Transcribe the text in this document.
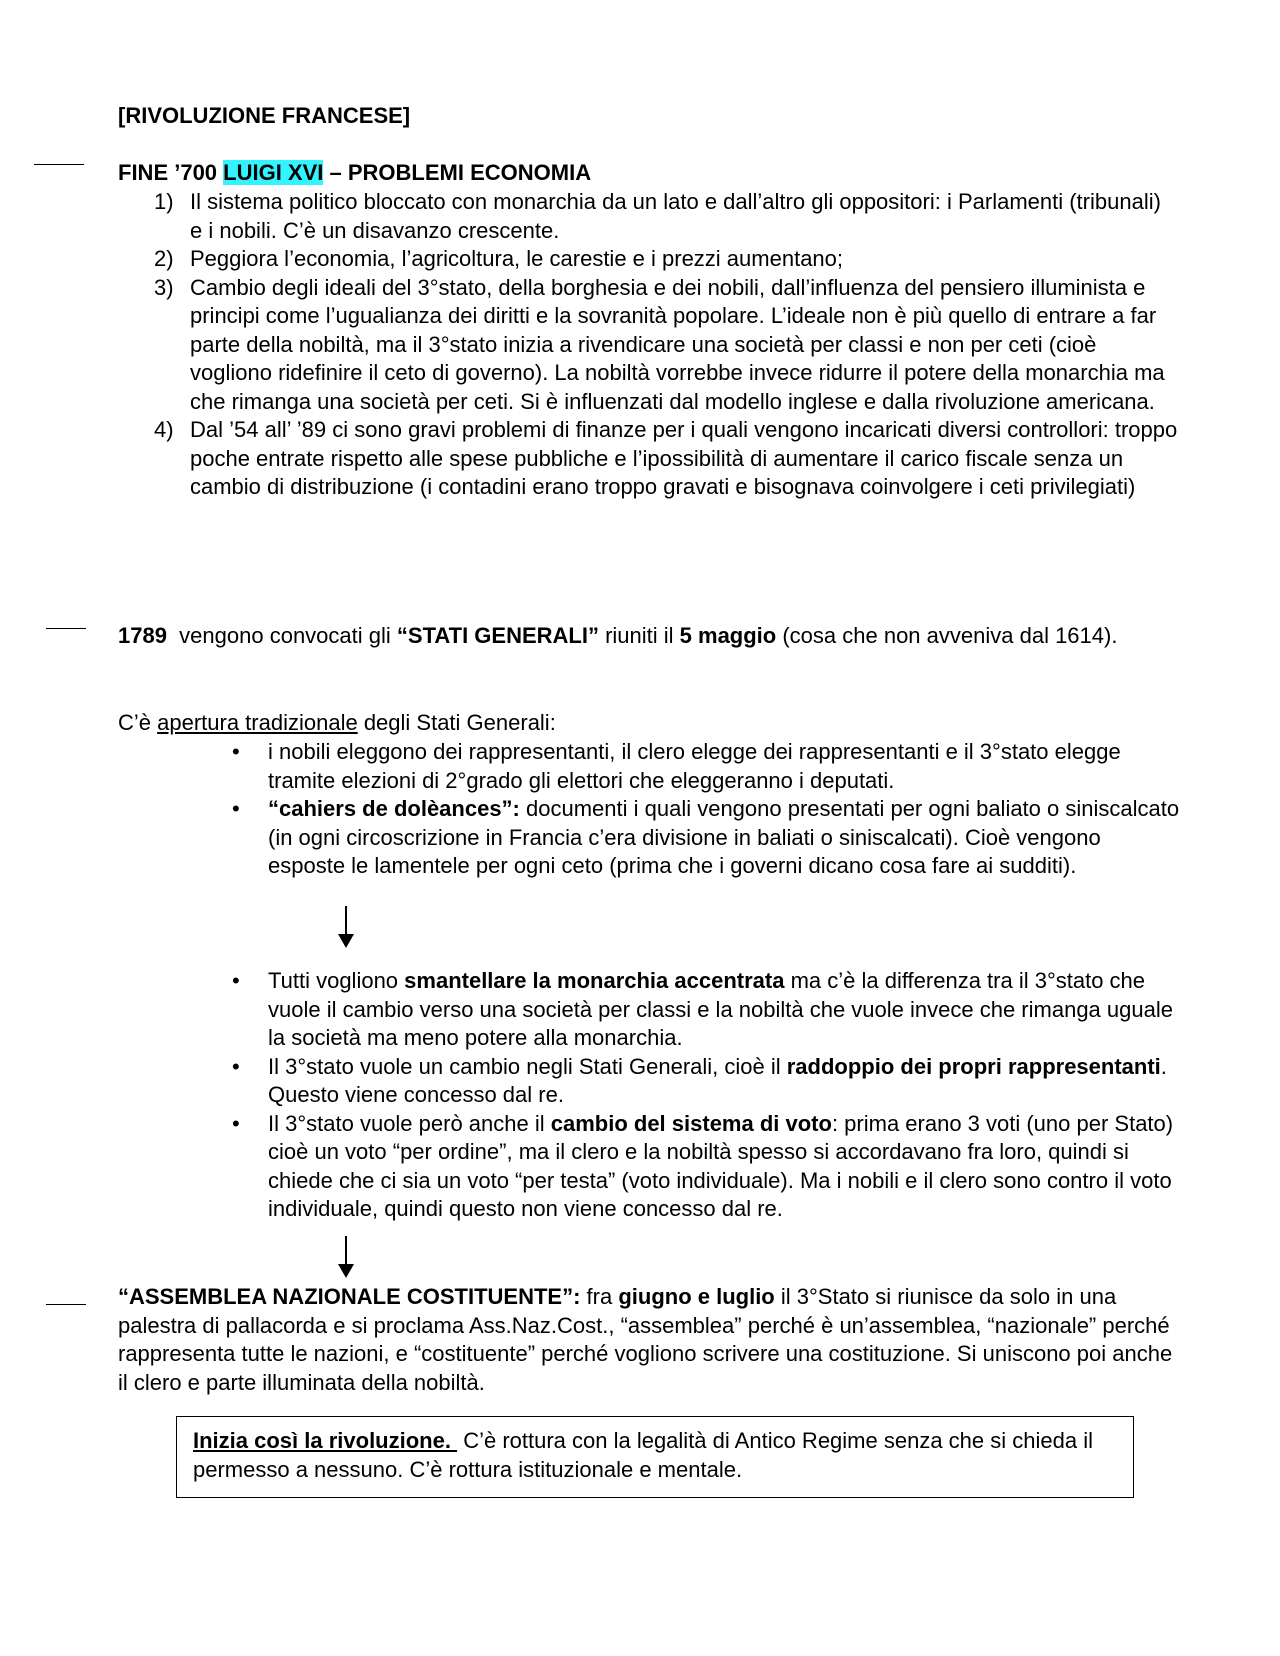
[RIVOLUZIONE FRANCESE]
FINE ’700 LUIGI XVI – PROBLEMI ECONOMIA
1) Il sistema politico bloccato con monarchia da un lato e dall’altro gli oppositori: i Parlamenti (tribunali) e i nobili. C’è un disavanzo crescente.
2) Peggiora l’economia, l’agricoltura, le carestie e i prezzi aumentano;
3) Cambio degli ideali del 3°stato, della borghesia e dei nobili, dall’influenza del pensiero illuminista e principi come l’ugualianza dei diritti e la sovranità popolare. L’ideale non è più quello di entrare a far parte della nobiltà, ma il 3°stato inizia a rivendicare una società per classi e non per ceti (cioè vogliono ridefinire il ceto di governo). La nobiltà vorrebbe invece ridurre il potere della monarchia ma che rimanga una società per ceti. Si è influenzati dal modello inglese e dalla rivoluzione americana.
4) Dal ’54 all’ ’89 ci sono gravi problemi di finanze per i quali vengono incaricati diversi controllori: troppo poche entrate rispetto alle spese pubbliche e l’ipossibilità di aumentare il carico fiscale senza un cambio di distribuzione (i contadini erano troppo gravati e bisognava coinvolgere i ceti privilegiati)
1789  vengono convocati gli “STATI GENERALI” riuniti il 5 maggio (cosa che non avveniva dal 1614).
C’è apertura tradizionale degli Stati Generali:
• i nobili eleggono dei rappresentanti, il clero elegge dei rappresentanti e il 3°stato elegge tramite elezioni di 2°grado gli elettori che eleggeranno i deputati.
• “cahiers de dolèances”: documenti i quali vengono presentati per ogni baliato o siniscalcato (in ogni circoscrizione in Francia c’era divisione in baliati o siniscalcati). Cioè vengono esposte le lamentele per ogni ceto (prima che i governi dicano cosa fare ai sudditi).
• Tutti vogliono smantellare la monarchia accentrata ma c’è la differenza tra il 3°stato che vuole il cambio verso una società per classi e la nobiltà che vuole invece che rimanga uguale la società ma meno potere alla monarchia.
• Il 3°stato vuole un cambio negli Stati Generali, cioè il raddoppio dei propri rappresentanti. Questo viene concesso dal re.
• Il 3°stato vuole però anche il cambio del sistema di voto: prima erano 3 voti (uno per Stato) cioè un voto “per ordine”, ma il clero e la nobiltà spesso si accordavano fra loro, quindi si chiede che ci sia un voto “per testa” (voto individuale). Ma i nobili e il clero sono contro il voto individuale, quindi questo non viene concesso dal re.
“ASSEMBLEA NAZIONALE COSTITUENTE”: fra giugno e luglio il 3°Stato si riunisce da solo in una palestra di pallacorda e si proclama Ass.Naz.Cost., “assemblea” perché è un’assemblea, “nazionale” perché rappresenta tutte le nazioni, e “costituente” perché vogliono scrivere una costituzione. Si uniscono poi anche il clero e parte illuminata della nobiltà.
Inizia così la rivoluzione.  C’è rottura con la legalità di Antico Regime senza che si chieda il permesso a nessuno. C’è rottura istituzionale e mentale.
